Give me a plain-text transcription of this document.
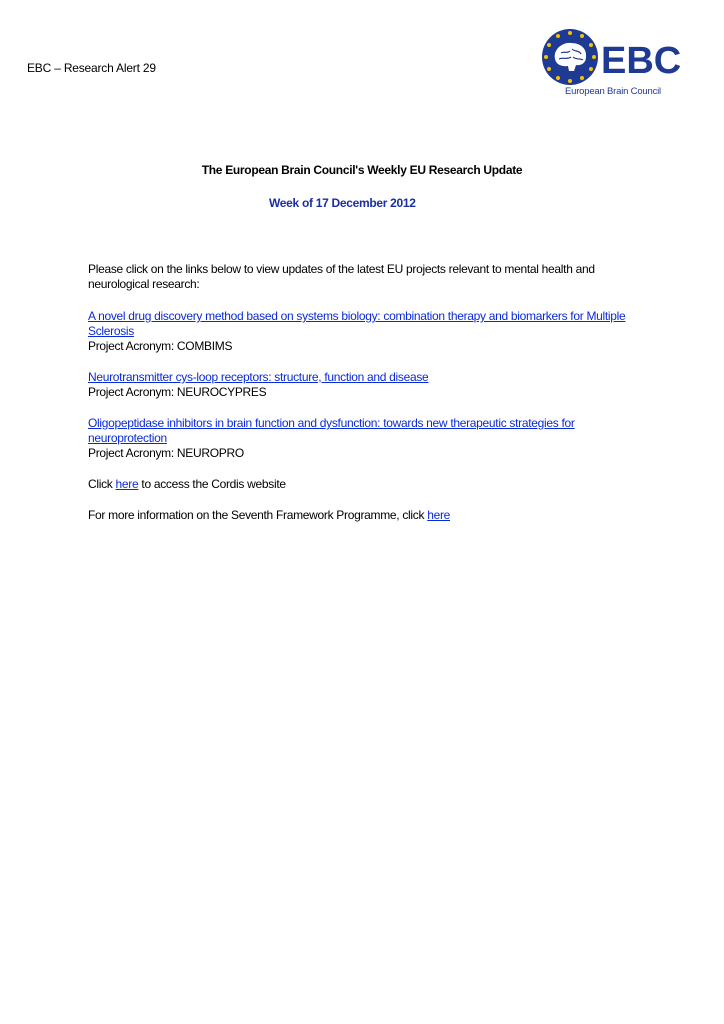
EBC – Research Alert 29	EBC
European Brain Council
The European Brain Council's Weekly EU Research Update
Week of 17 December 2012

Please click on the links below to view updates of the latest EU projects relevant to mental health and neurological research:

A novel drug discovery method based on systems biology: combination therapy and biomarkers for Multiple Sclerosis
Project Acronym: COMBIMS
Neurotransmitter cys-loop receptors: structure, function and disease
Project Acronym: NEUROCYPRES
Oligopeptidase inhibitors in brain function and dysfunction: towards new therapeutic strategies for neuroprotection
Project Acronym: NEUROPRO
Click here to access the Cordis website
For more information on the Seventh Framework Programme, click here
